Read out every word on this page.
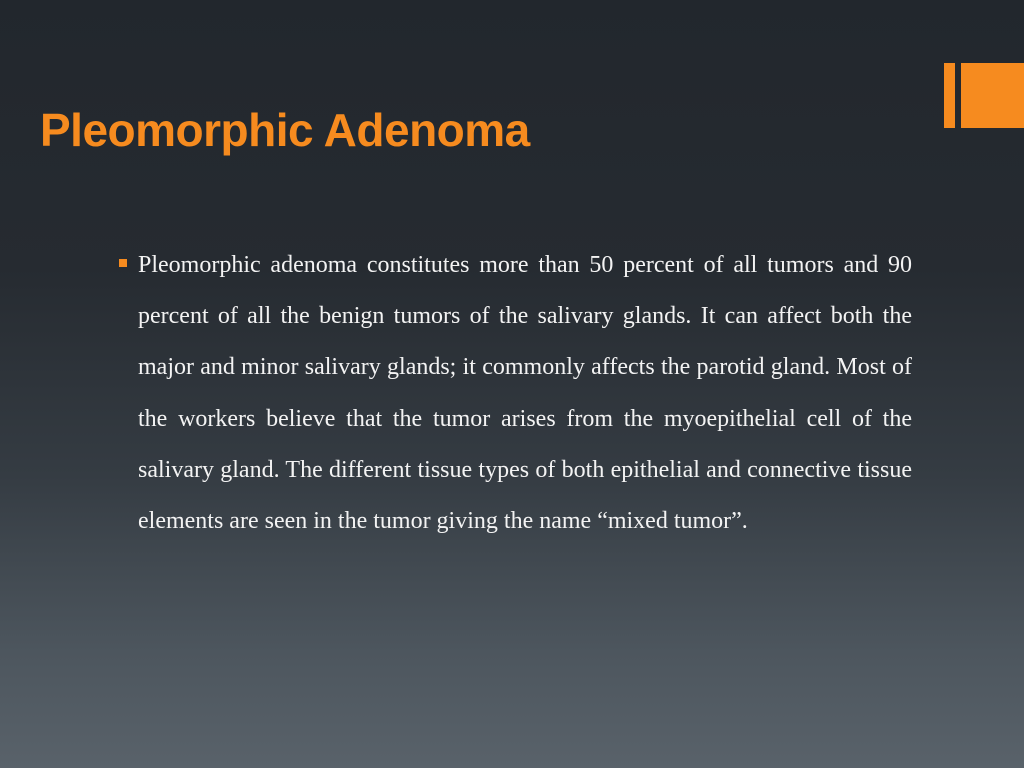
Pleomorphic Adenoma

Pleomorphic adenoma constitutes more than 50 percent of all tumors and 90 percent of all the benign tumors of the salivary glands. It can affect both the major and minor salivary glands; it commonly affects the parotid gland. Most of the workers believe that the tumor arises from the myoepithelial cell of the salivary gland. The different tissue types of both epithelial and connective tissue elements are seen in the tumor giving the name “mixed tumor”.
